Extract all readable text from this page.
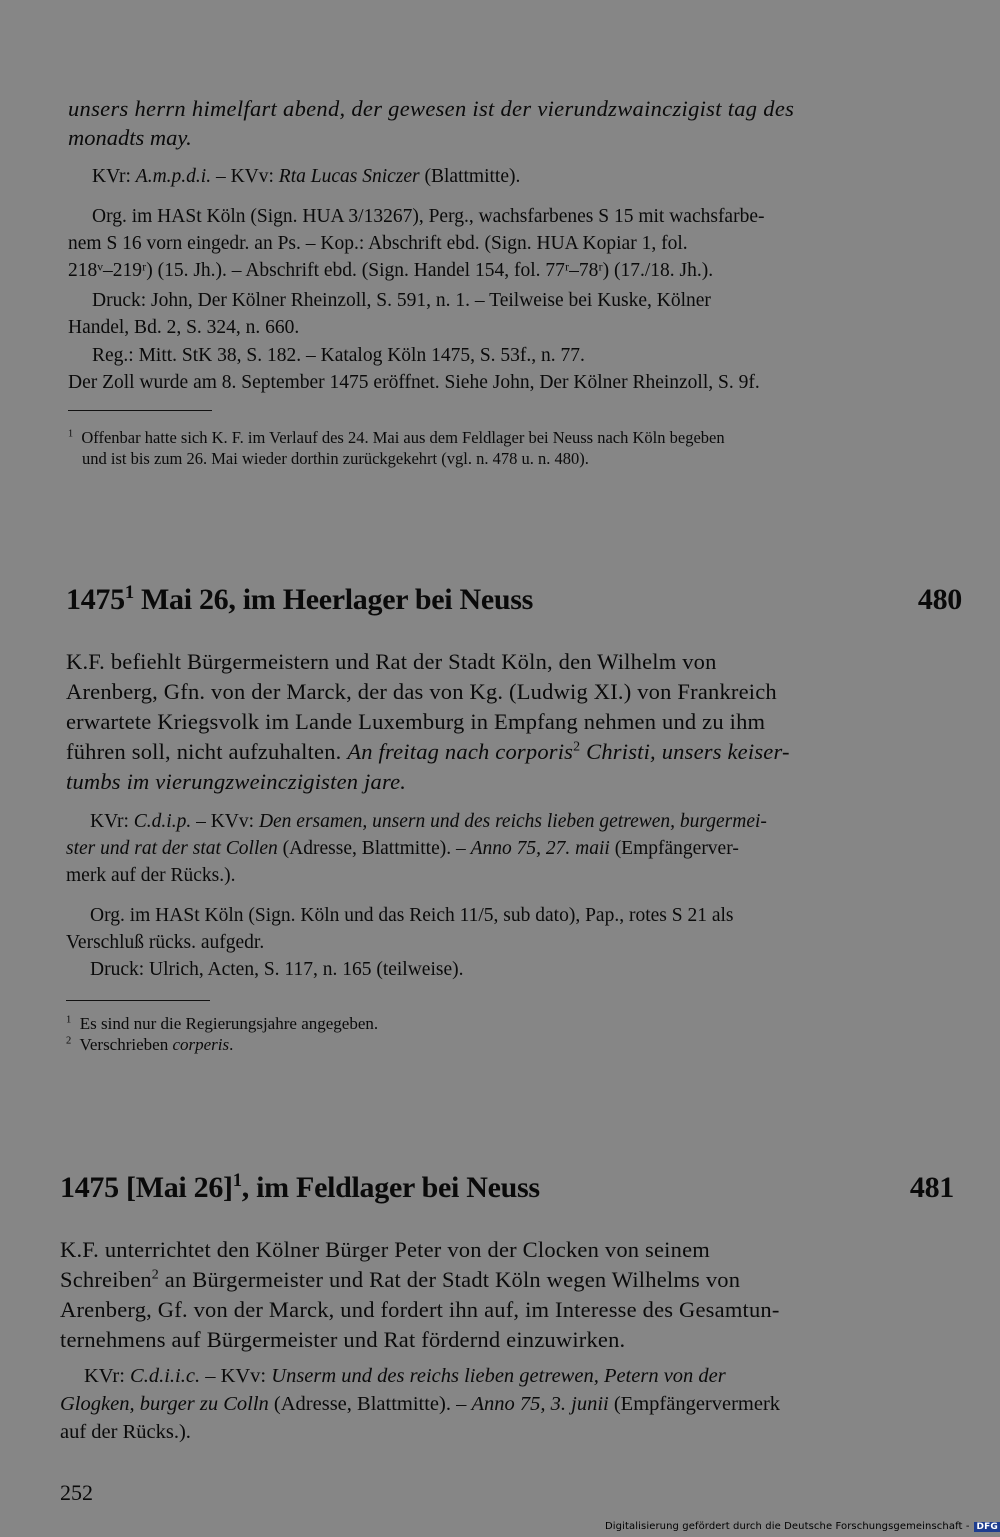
unsers herrn himelfart abend, der gewesen ist der vierundzwainczigist tag des

monadts may.

KVr: A.m.p.d.i. – KVv: Rta Lucas Sniczer (Blattmitte).

Org. im HASt Köln (Sign. HUA 3/13267), Perg., wachsfarbenes S 15 mit wachsfarbe-

nem S 16 vorn eingedr. an Ps. – Kop.: Abschrift ebd. (Sign. HUA Kopiar 1, fol.

218ᵛ–219ʳ) (15. Jh.). – Abschrift ebd. (Sign. Handel 154, fol. 77ʳ–78ʳ) (17./18. Jh.).

Druck: John, Der Kölner Rheinzoll, S. 591, n. 1. – Teilweise bei Kuske, Kölner

Handel, Bd. 2, S. 324, n. 660.

Reg.: Mitt. StK 38, S. 182. – Katalog Köln 1475, S. 53f., n. 77.

Der Zoll wurde am 8. September 1475 eröffnet. Siehe John, Der Kölner Rheinzoll, S. 9f.

$^1$ Offenbar hatte sich K. F. im Verlauf des 24. Mai aus dem Feldlager bei Neuss nach Köln begeben

und ist bis zum 26. Mai wieder dorthin zurückgekehrt (vgl. n. 478 u. n. 480).

1475$^1$ Mai 26, im Heerlager bei Neuss	480

K.F. befiehlt Bürgermeistern und Rat der Stadt Köln, den Wilhelm von

Arenberg, Gfn. von der Marck, der das von Kg. (Ludwig XI.) von Frankreich

erwartete Kriegsvolk im Lande Luxemburg in Empfang nehmen und zu ihm

führen soll, nicht aufzuhalten. An freitag nach corporis$^2$ Christi, unsers keiser-

tumbs im vierungzweinczigisten jare.

KVr: C.d.i.p. – KVv: Den ersamen, unsern und des reichs lieben getrewen, burgermei-

ster und rat der stat Collen (Adresse, Blattmitte). – Anno 75, 27. maii (Empfängerver-

merk auf der Rücks.).

Org. im HASt Köln (Sign. Köln und das Reich 11/5, sub dato), Pap., rotes S 21 als

Verschluß rücks. aufgedr.

Druck: Ulrich, Acten, S. 117, n. 165 (teilweise).

$^1$ Es sind nur die Regierungsjahre angegeben.

$^2$ Verschrieben corperis.

1475 [Mai 26]$^1$, im Feldlager bei Neuss	481

K.F. unterrichtet den Kölner Bürger Peter von der Clocken von seinem

Schreiben$^2$ an Bürgermeister und Rat der Stadt Köln wegen Wilhelms von

Arenberg, Gf. von der Marck, und fordert ihn auf, im Interesse des Gesamtun-

ternehmens auf Bürgermeister und Rat fördernd einzuwirken.

KVr: C.d.i.i.c. – KVv: Unserm und des reichs lieben getrewen, Petern von der

Glogken, burger zu Colln (Adresse, Blattmitte). – Anno 75, 3. junii (Empfängervermerk

auf der Rücks.).

252
Digitalisierung gefördert durch die Deutsche Forschungsgemeinschaft - DFG
